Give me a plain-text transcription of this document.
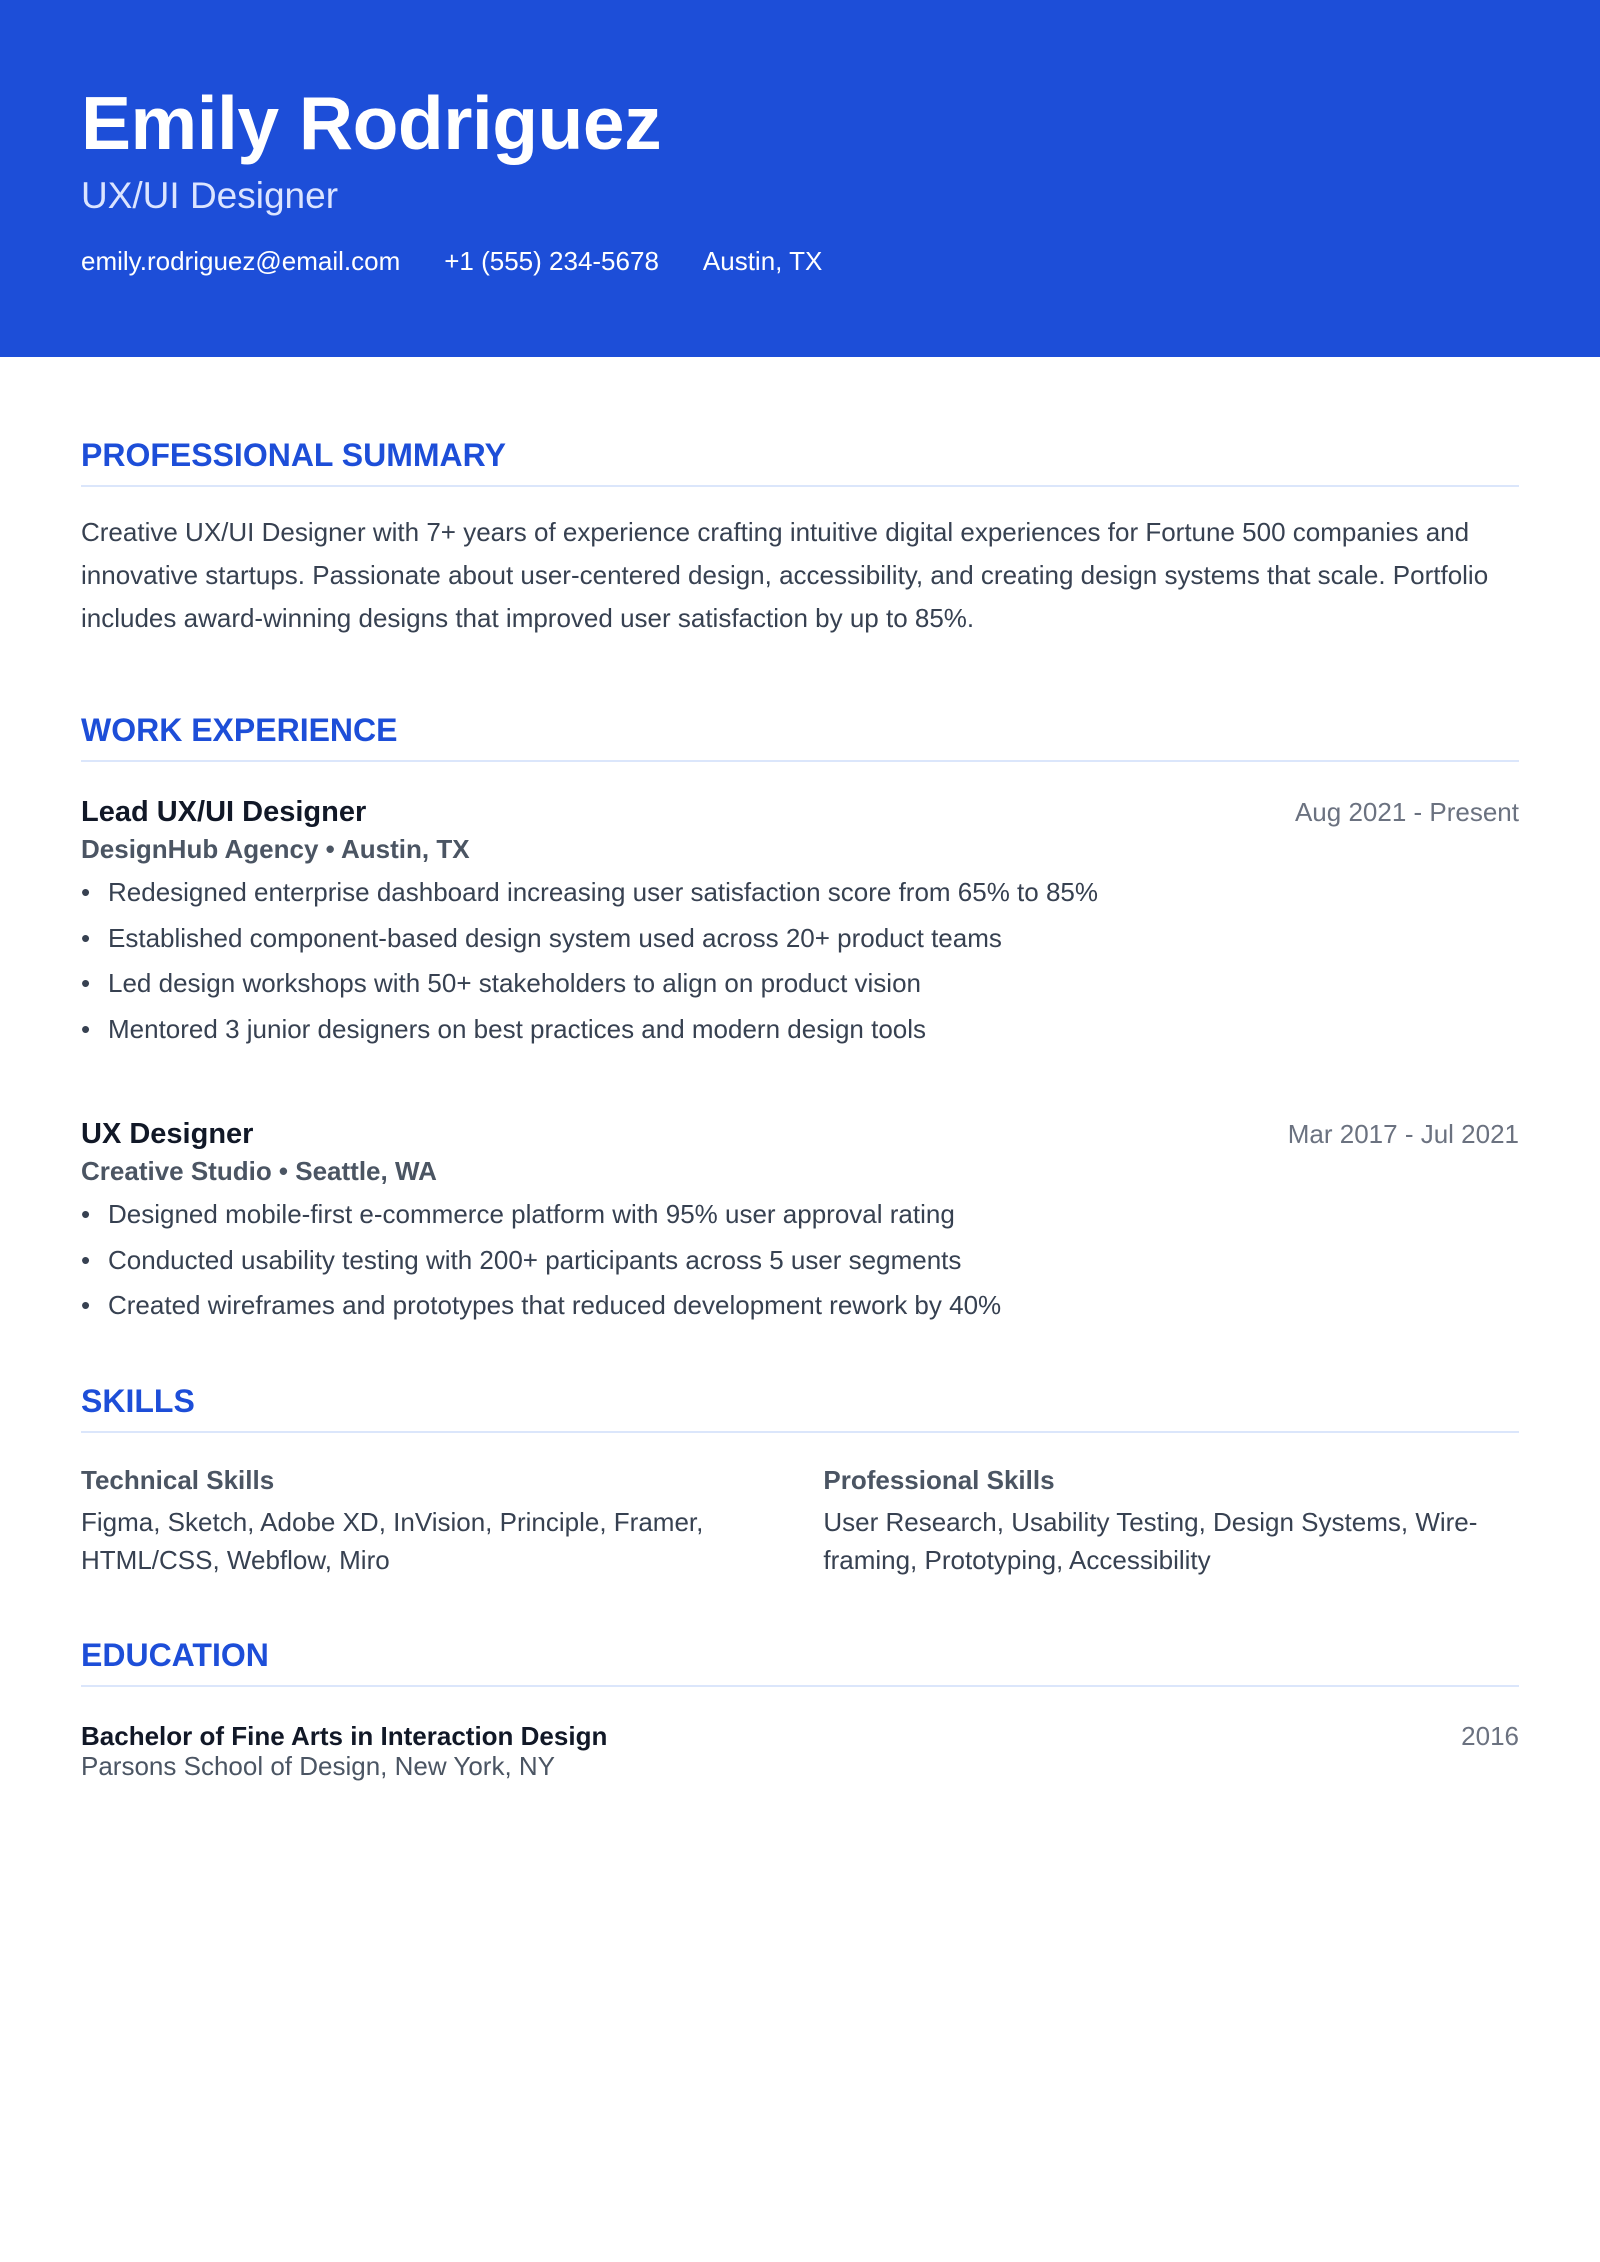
Emily Rodriguez
UX/UI Designer
emily.rodriguez@email.com +1 (555) 234-5678 Austin, TX
PROFESSIONAL SUMMARY

Creative UX/UI Designer with 7+ years of experience crafting intuitive digital experiences for Fortune 500 companies and innovative startups. Passionate about user-centered design, accessibility, and creating design systems that scale. Portfolio includes award-winning designs that improved user satisfaction by up to 85%.

WORK EXPERIENCE
Lead UX/UI Designer	Aug 2021 - Present
DesignHub Agency • Austin, TX
• Redesigned enterprise dashboard increasing user satisfaction score from 65% to 85%
• Established component-based design system used across 20+ product teams
• Led design workshops with 50+ stakeholders to align on product vision
• Mentored 3 junior designers on best practices and modern design tools
UX Designer	Mar 2017 - Jul 2021
Creative Studio • Seattle, WA
• Designed mobile-first e-commerce platform with 95% user approval rating
• Conducted usability testing with 200+ participants across 5 user segments
• Created wireframes and prototypes that reduced development rework by 40%
SKILLS
Technical Skills
Figma, Sketch, Adobe XD, InVision, Principle, Framer, HTML/CSS, Webflow, Miro
Professional Skills
User Research, Usability Testing, Design Systems, Wireframing, Prototyping, Accessibility
EDUCATION
Bachelor of Fine Arts in Interaction Design
Parsons School of Design, New York, NY
2016
